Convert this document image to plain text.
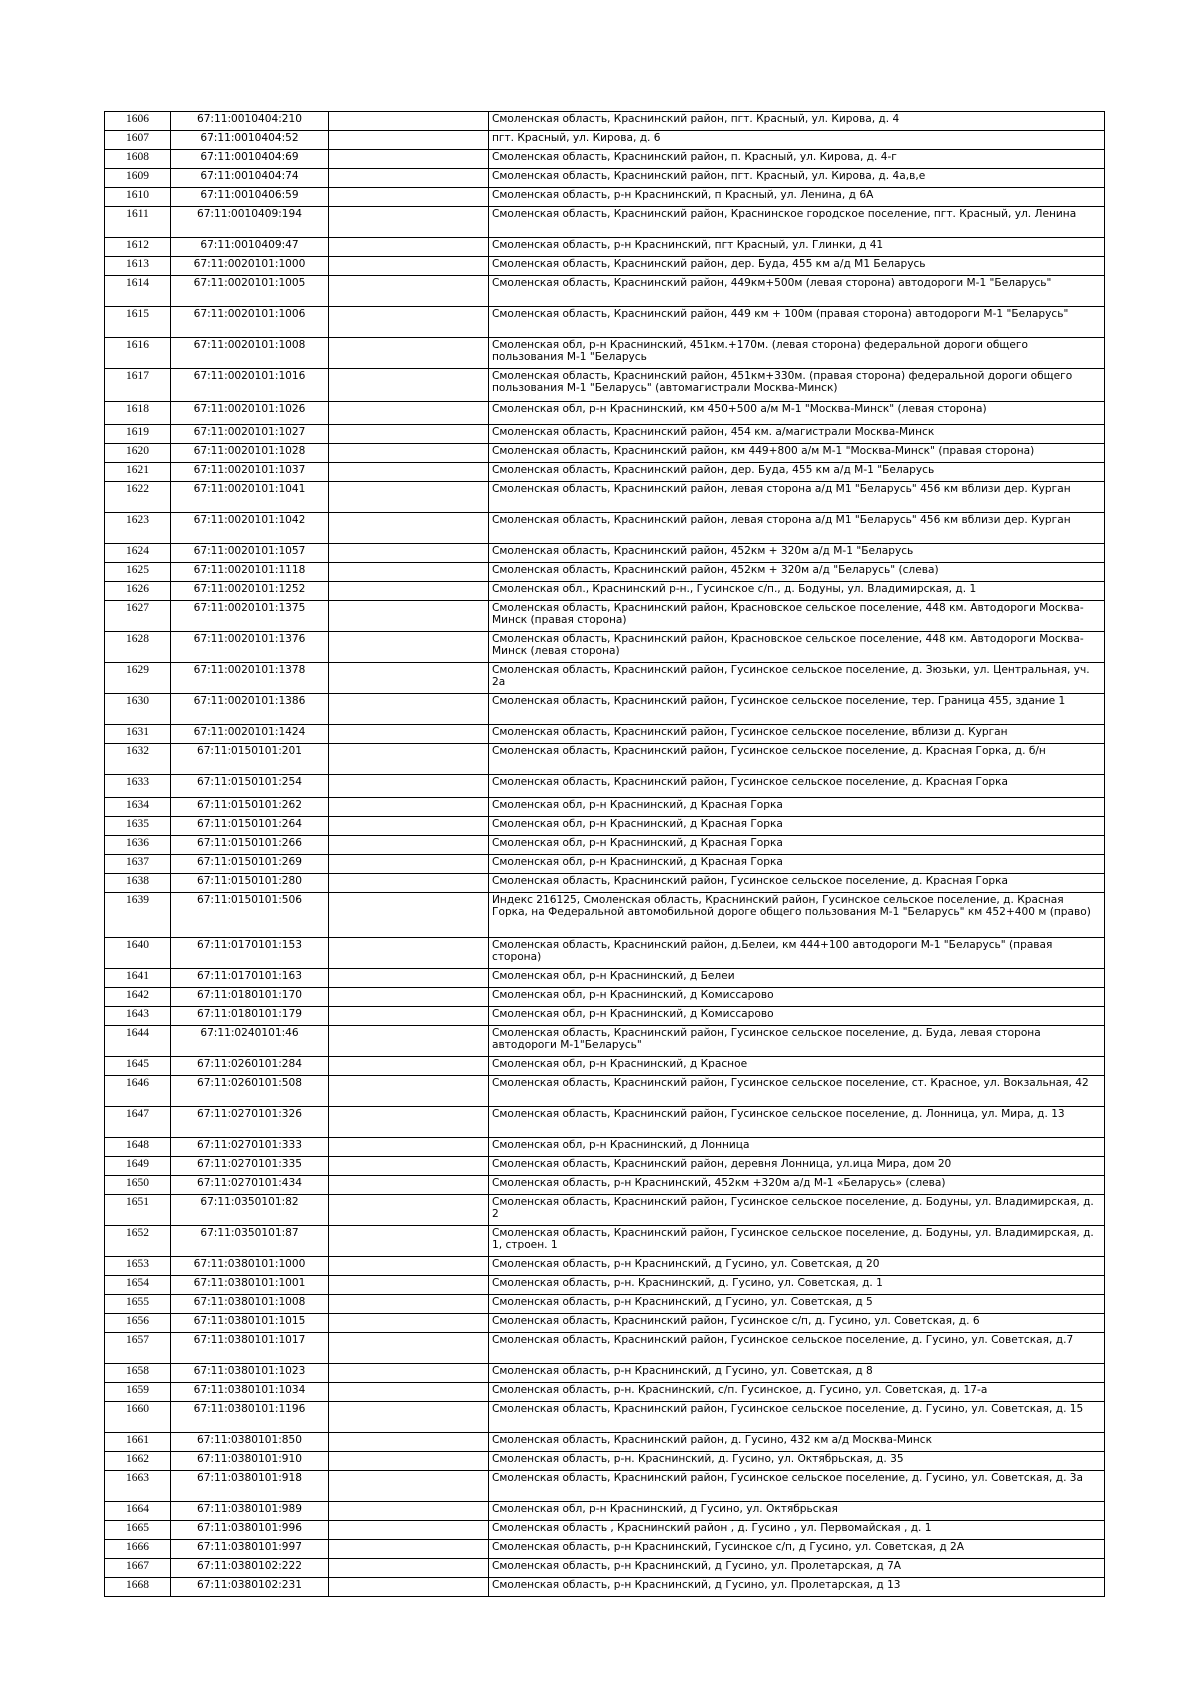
1606	67:11:0010404:210		Смоленская область, Краснинский район, пгт. Красный, ул. Кирова, д. 4
1607	67:11:0010404:52		пгт. Красный, ул. Кирова, д. 6
1608	67:11:0010404:69		Смоленская область, Краснинский район, п. Красный, ул. Кирова, д. 4-г
1609	67:11:0010404:74		Смоленская область, Краснинский район, пгт. Красный, ул. Кирова, д. 4а,в,е
1610	67:11:0010406:59		Смоленская область, р-н Краснинский, п Красный, ул. Ленина, д 6А
1611	67:11:0010409:194		Смоленская область, Краснинский район, Краснинское городское поселение, пгт. Красный, ул. Ленина
1612	67:11:0010409:47		Смоленская область, р-н Краснинский, пгт Красный, ул. Глинки, д 41
1613	67:11:0020101:1000		Смоленская область, Краснинский район, дер. Буда, 455 км а/д М1 Беларусь
1614	67:11:0020101:1005		Смоленская область, Краснинский район, 449км+500м (левая сторона) автодороги М-1 "Беларусь"
1615	67:11:0020101:1006		Смоленская область, Краснинский район, 449 км + 100м (правая сторона) автодороги М-1 "Беларусь"
1616	67:11:0020101:1008		Смоленская обл, р-н Краснинский, 451км.+170м. (левая сторона) федеральной дороги общего пользования М-1 "Беларусь
1617	67:11:0020101:1016		Смоленская область, Краснинский район, 451км+330м. (правая сторона) федеральной дороги общего пользования М-1 "Беларусь" (автомагистрали Москва-Минск)
1618	67:11:0020101:1026		Смоленская обл, р-н Краснинский, км 450+500 а/м М-1 "Москва-Минск" (левая сторона)
1619	67:11:0020101:1027		Смоленская область, Краснинский район, 454 км. а/магистрали Москва-Минск
1620	67:11:0020101:1028		Смоленская область, Краснинский район, км 449+800 а/м М-1 "Москва-Минск" (правая сторона)
1621	67:11:0020101:1037		Смоленская область, Краснинский район, дер. Буда, 455 км а/д М-1 "Беларусь
1622	67:11:0020101:1041		Смоленская область, Краснинский район, левая сторона а/д М1 "Беларусь" 456 км вблизи дер. Курган
1623	67:11:0020101:1042		Смоленская область, Краснинский район, левая сторона а/д М1 "Беларусь" 456 км вблизи дер. Курган
1624	67:11:0020101:1057		Смоленская область, Краснинский район, 452км + 320м а/д М-1 "Беларусь
1625	67:11:0020101:1118		Смоленская область, Краснинский район, 452км + 320м а/д "Беларусь" (слева)
1626	67:11:0020101:1252		Смоленская обл., Краснинский р-н., Гусинское с/п., д. Бодуны, ул. Владимирская, д. 1
1627	67:11:0020101:1375		Смоленская область, Краснинский район, Красновское сельское поселение, 448 км. Автодороги Москва-Минск (правая сторона)
1628	67:11:0020101:1376		Смоленская область, Краснинский район, Красновское сельское поселение, 448 км. Автодороги Москва-Минск (левая сторона)
1629	67:11:0020101:1378		Смоленская область, Краснинский район, Гусинское сельское поселение, д. Зюзьки, ул. Центральная, уч. 2а
1630	67:11:0020101:1386		Смоленская область, Краснинский район, Гусинское сельское поселение, тер. Граница 455, здание 1
1631	67:11:0020101:1424		Смоленская область, Краснинский район, Гусинское сельское поселение, вблизи д. Курган
1632	67:11:0150101:201		Смоленская область, Краснинский район, Гусинское сельское поселение, д. Красная Горка, д. б/н
1633	67:11:0150101:254		Смоленская область, Краснинский район, Гусинское сельское поселение, д. Красная Горка
1634	67:11:0150101:262		Смоленская обл, р-н Краснинский, д Красная Горка
1635	67:11:0150101:264		Смоленская обл, р-н Краснинский, д Красная Горка
1636	67:11:0150101:266		Смоленская обл, р-н Краснинский, д Красная Горка
1637	67:11:0150101:269		Смоленская обл, р-н Краснинский, д Красная Горка
1638	67:11:0150101:280		Смоленская область, Краснинский район, Гусинское сельское поселение, д. Красная Горка
1639	67:11:0150101:506		Индекс 216125, Смоленская область, Краснинский район, Гусинское сельское поселение, д. Красная Горка, на Федеральной автомобильной дороге общего пользования М-1 "Беларусь" км 452+400 м (право)
1640	67:11:0170101:153		Смоленская область, Краснинский район, д.Белеи, км 444+100 автодороги М-1 "Беларусь" (правая сторона)
1641	67:11:0170101:163		Смоленская обл, р-н Краснинский, д Белеи
1642	67:11:0180101:170		Смоленская обл, р-н Краснинский, д Комиссарово
1643	67:11:0180101:179		Смоленская обл, р-н Краснинский, д Комиссарово
1644	67:11:0240101:46		Смоленская область, Краснинский район, Гусинское сельское поселение, д. Буда, левая сторона автодороги М-1"Беларусь"
1645	67:11:0260101:284		Смоленская обл, р-н Краснинский, д Красное
1646	67:11:0260101:508		Смоленская область, Краснинский район, Гусинское сельское поселение, ст. Красное, ул. Вокзальная, 42
1647	67:11:0270101:326		Смоленская область, Краснинский район, Гусинское сельское поселение, д. Лонница, ул. Мира, д. 13
1648	67:11:0270101:333		Смоленская обл, р-н Краснинский, д Лонница
1649	67:11:0270101:335		Смоленская область, Краснинский район, деревня Лонница, ул.ица Мира, дом 20
1650	67:11:0270101:434		Смоленская область, р-н Краснинский, 452км +320м а/д М-1 «Беларусь» (слева)
1651	67:11:0350101:82		Смоленская область, Краснинский район, Гусинское сельское поселение, д. Бодуны, ул. Владимирская, д. 2
1652	67:11:0350101:87		Смоленская область, Краснинский район, Гусинское сельское поселение, д. Бодуны, ул. Владимирская, д. 1, строен. 1
1653	67:11:0380101:1000		Смоленская область, р-н Краснинский, д Гусино, ул. Советская, д 20
1654	67:11:0380101:1001		Смоленская область, р-н. Краснинский, д. Гусино, ул. Советская, д. 1
1655	67:11:0380101:1008		Смоленская область, р-н Краснинский, д Гусино, ул. Советская, д 5
1656	67:11:0380101:1015		Смоленская область, Краснинский район, Гусинское с/п, д. Гусино, ул. Советская, д. 6
1657	67:11:0380101:1017		Смоленская область, Краснинский район, Гусинское сельское поселение, д. Гусино, ул. Советская, д.7
1658	67:11:0380101:1023		Смоленская область, р-н Краснинский, д Гусино, ул. Советская, д 8
1659	67:11:0380101:1034		Смоленская область, р-н. Краснинский, с/п. Гусинское, д. Гусино, ул. Советская, д. 17-а
1660	67:11:0380101:1196		Смоленская область, Краснинский район, Гусинское сельское поселение, д. Гусино, ул. Советская, д. 15
1661	67:11:0380101:850		Смоленская область, Краснинский район, д. Гусино, 432 км а/д Москва-Минск
1662	67:11:0380101:910		Смоленская область, р-н. Краснинский, д. Гусино, ул. Октябрьская, д. 35
1663	67:11:0380101:918		Смоленская область, Краснинский район, Гусинское сельское поселение, д. Гусино, ул. Советская, д. 3а
1664	67:11:0380101:989		Смоленская обл, р-н Краснинский, д Гусино, ул. Октябрьская
1665	67:11:0380101:996		Смоленская область , Краснинский район , д. Гусино , ул. Первомайская , д. 1
1666	67:11:0380101:997		Смоленская область, р-н Краснинский, Гусинское с/п, д Гусино, ул. Советская, д 2А
1667	67:11:0380102:222		Смоленская область, р-н Краснинский, д Гусино, ул. Пролетарская, д 7А
1668	67:11:0380102:231		Смоленская область, р-н Краснинский, д Гусино, ул. Пролетарская, д 13
